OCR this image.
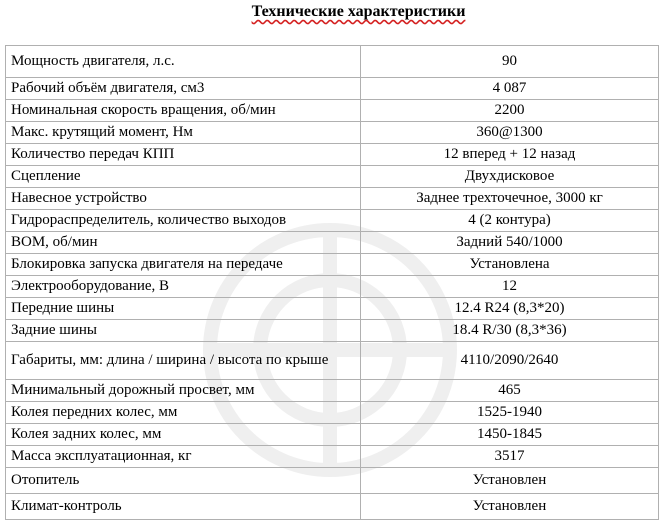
Технические характеристики
Мощность двигателя, л.с.	90
Рабочий объём двигателя, см3	4 087
Номинальная скорость вращения, об/мин	2200
Макс. крутящий момент, Нм	360@1300
Количество передач КПП	12 вперед + 12 назад
Сцепление	Двухдисковое
Навесное устройство	Заднее трехточечное, 3000 кг
Гидрораспределитель, количество выходов	4 (2 контура)
ВОМ, об/мин	Задний 540/1000
Блокировка запуска двигателя на передаче	Установлена
Электрооборудование, В	12
Передние шины	12.4 R24 (8,3*20)
Задние шины	18.4 R/30 (8,3*36)
Габариты, мм: длина / ширина / высота по крыше	4110/2090/2640
Минимальный дорожный просвет, мм	465
Колея передних колес, мм	1525-1940
Колея задних колес, мм	1450-1845
Масса эксплуатационная, кг	3517
Отопитель	Установлен
Климат-контроль	Установлен
